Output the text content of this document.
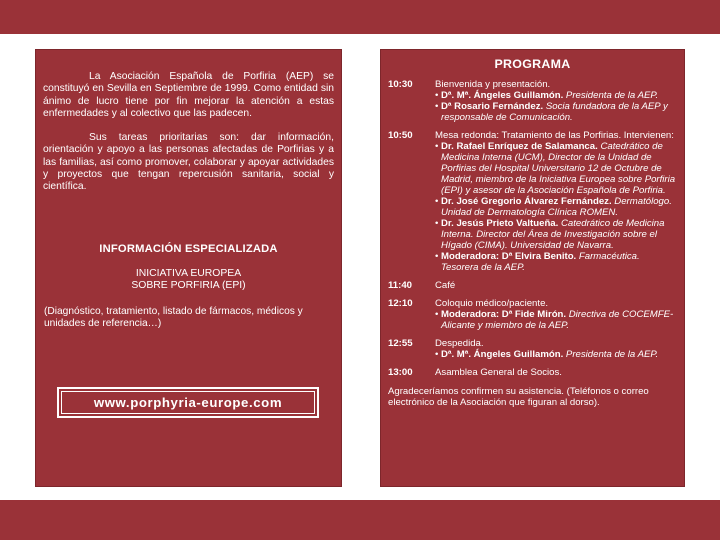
La Asociación Española de Porfiria (AEP) se constituyó en Sevilla en Septiembre de 1999. Como entidad sin ánimo de lucro tiene por fin mejorar la atención a estas enfermedades y al colectivo que las padecen.

Sus tareas prioritarias son: dar información, orientación y apoyo a las personas afectadas de Porfirias y a las familias, así como promover, colaborar y apoyar actividades y proyectos que tengan repercusión sanitaria, social y científica.

INFORMACIÓN ESPECIALIZADA
INICIATIVA EUROPEA
SOBRE PORFIRIA (EPI)
(Diagnóstico, tratamiento, listado de fármacos, médicos y unidades de referencia…)
www.porphyria-europe.com
PROGRAMA
10:30	Bienvenida y presentación.
• Dª. Mª. Ángeles Guillamón. Presidenta de la AEP.
• Dª Rosario Fernández. Socia fundadora de la AEP y responsable de Comunicación.
10:50	Mesa redonda: Tratamiento de las Porfirias. Intervienen:
• Dr. Rafael Enríquez de Salamanca. Catedrático de Medicina Interna (UCM), Director de la Unidad de Porfirias del Hospital Universitario 12 de Octubre de Madrid, miembro de la Iniciativa Europea sobre Porfiria (EPI) y asesor de la Asociación Española de Porfiria.
• Dr. José Gregorio Álvarez Fernández. Dermatólogo. Unidad de Dermatología Clínica ROMEN.
• Dr. Jesús Prieto Valtueña. Catedrático de Medicina Interna. Director del Área de Investigación sobre el Hígado (CIMA). Universidad de Navarra.
• Moderadora: Dª Elvira Benito. Farmacéutica. Tesorera de la AEP.
11:40	Café
12:10	Coloquio médico/paciente.
• Moderadora: Dª Fide Mirón. Directiva de COCEMFE-Alicante y miembro de la AEP.
12:55	Despedida.
• Dª. Mª. Ángeles Guillamón. Presidenta de la AEP.
13:00	Asamblea General de Socios.
Agradeceríamos confirmen su asistencia. (Teléfonos o correo electrónico de la Asociación que figuran al dorso).
